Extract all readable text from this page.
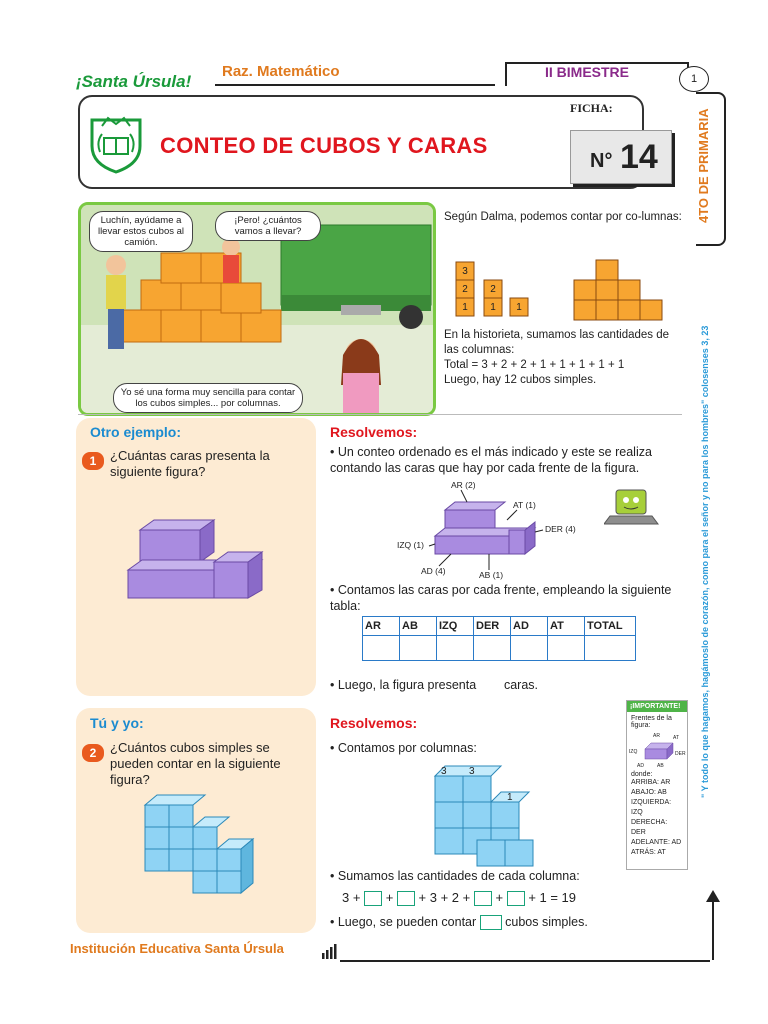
¡Santa Úrsula!
Raz. Matemático	II BIMESTRE	1
CONTEO DE CUBOS Y CARAS
FICHA:
N° 14	4TO DE PRIMARIA
" Y todo lo que hagamos, hagámoslo de corazón, como para el señor y no para los hombres" colosenses 3, 23
Luchín, ayúdame a llevar estos cubos al camión.
¡Pero! ¿cuántos vamos a llevar?
Yo sé una forma muy sencilla para contar los cubos simples... por columnas.
Según Dalma, podemos contar por co-lumnas:
3
2
1
2
1 1
En la historieta, sumamos las cantidades de las columnas:
Total = 3 + 2 + 2 + 1 + 1 + 1 + 1 + 1
Luego, hay 12 cubos simples.
Otro ejemplo:
1	¿Cuántas caras presenta la siguiente figura?
Resolvemos:
• Un conteo ordenado es el más indicado y este se realiza contando las caras que hay por cada frente de la figura.
AR (2)
AT (1)
DER (4)
IZQ (1)
AD (4)	AB (1)
• Contamos las caras por cada frente, empleando la siguiente tabla:
AR	AB	IZQ	DER	AD	AT	TOTAL

• Luego, la figura presenta caras.
Tú y yo:
2	¿Cuántos cubos simples se pueden contar en la siguiente figura?
Resolvemos:
• Contamos por columnas:
3 3
1
• Sumamos las cantidades de cada columna:
3 + + + 3 + 2 + + + 1 = 19
• Luego, se pueden contar cubos simples.
¡IMPORTANTE!
Frentes de la figura:
AR	AT
IZQ	DER
AB
AD
donde:
ARRIBA: AR
ABAJO: AB
IZQUIERDA: IZQ
DERECHA: DER
ADELANTE: AD
ATRÁS: AT
Institución Educativa Santa Úrsula
